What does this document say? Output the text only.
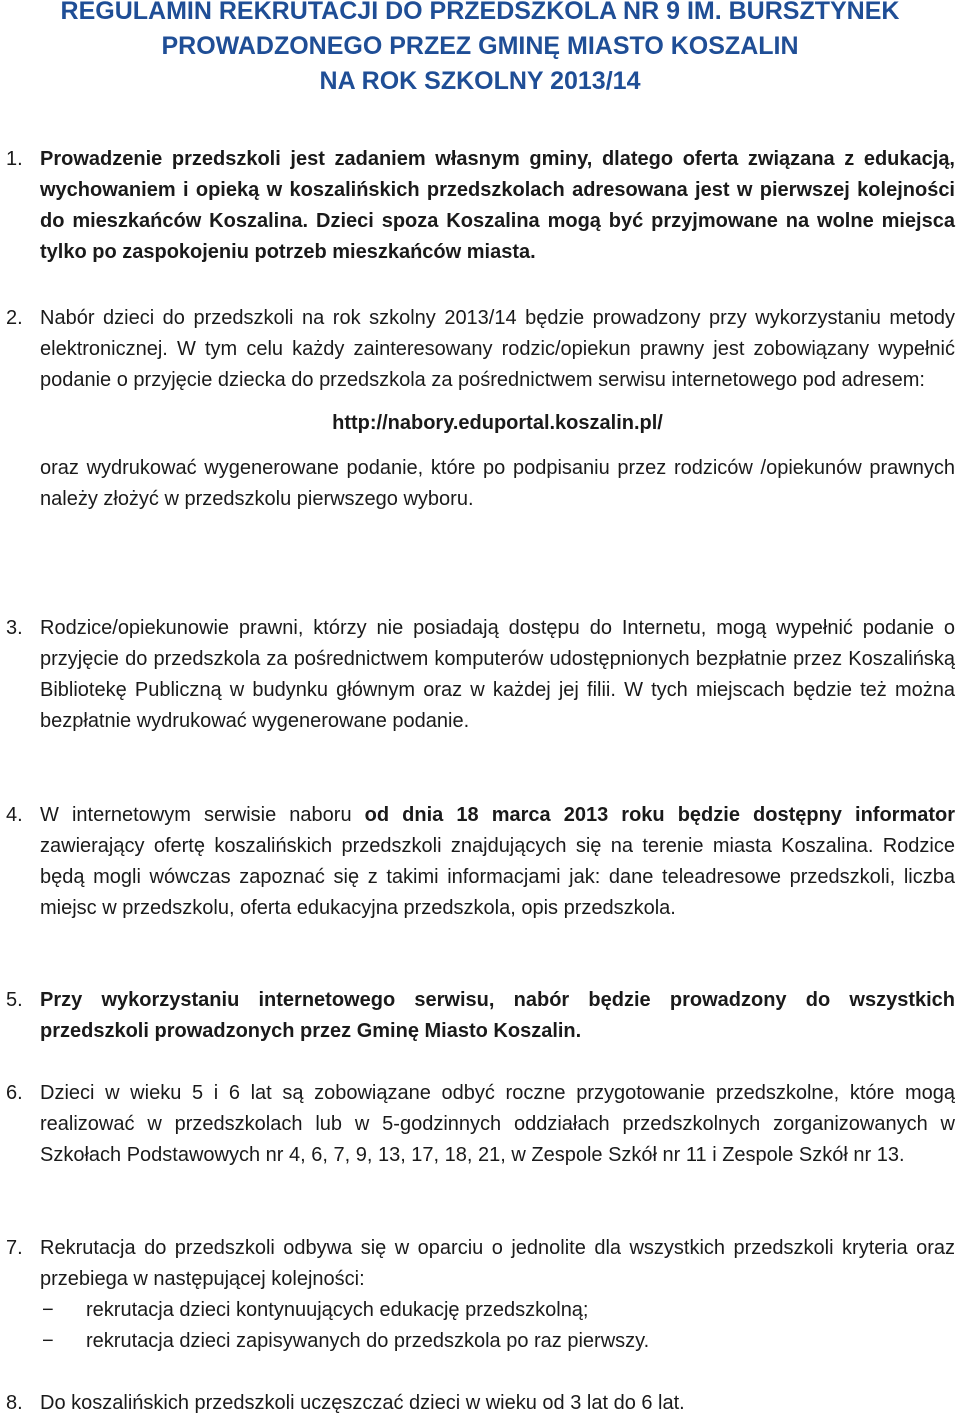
REGULAMIN REKRUTACJI DO PRZEDSZKOLA NR 9 IM. BURSZTYNEK
PROWADZONEGO PRZEZ GMINĘ MIASTO KOSZALIN
NA ROK SZKOLNY 2013/14
1. Prowadzenie przedszkoli jest zadaniem własnym gminy, dlatego oferta związana z edukacją, wychowaniem i opieką w koszalińskich przedszkolach adresowana jest w pierwszej kolejności do mieszkańców Koszalina. Dzieci spoza Koszalina mogą być przyjmowane na wolne miejsca tylko po zaspokojeniu potrzeb mieszkańców miasta.
2. Nabór dzieci do przedszkoli na rok szkolny 2013/14 będzie prowadzony przy wykorzystaniu metody elektronicznej. W tym celu każdy zainteresowany rodzic/opiekun prawny jest zobowiązany wypełnić podanie o przyjęcie dziecka do przedszkola za pośrednictwem serwisu internetowego pod adresem:
http://nabory.eduportal.koszalin.pl/
oraz wydrukować wygenerowane podanie, które po podpisaniu przez rodziców /opiekunów prawnych należy złożyć w przedszkolu pierwszego wyboru.
3. Rodzice/opiekunowie prawni, którzy nie posiadają dostępu do Internetu, mogą wypełnić podanie o przyjęcie do przedszkola za pośrednictwem komputerów udostępnionych bezpłatnie przez Koszalińską Bibliotekę Publiczną w budynku głównym oraz w każdej jej filii. W tych miejscach będzie też można bezpłatnie wydrukować wygenerowane podanie.
4. W internetowym serwisie naboru od dnia 18 marca 2013 roku będzie dostępny informator zawierający ofertę koszalińskich przedszkoli znajdujących się na terenie miasta Koszalina. Rodzice będą mogli wówczas zapoznać się z takimi informacjami jak: dane teleadresowe przedszkoli, liczba miejsc w przedszkolu, oferta edukacyjna przedszkola, opis przedszkola.
5. Przy wykorzystaniu internetowego serwisu, nabór będzie prowadzony do wszystkich przedszkoli prowadzonych przez Gminę Miasto Koszalin.
6. Dzieci w wieku 5 i 6 lat są zobowiązane odbyć roczne przygotowanie przedszkolne, które mogą realizować w przedszkolach lub w 5-godzinnych oddziałach przedszkolnych zorganizowanych w Szkołach Podstawowych nr 4, 6, 7, 9, 13, 17, 18, 21, w Zespole Szkół nr 11 i Zespole Szkół nr 13.
7. Rekrutacja do przedszkoli odbywa się w oparciu o jednolite dla wszystkich przedszkoli kryteria oraz przebiega w następującej kolejności:
− rekrutacja dzieci kontynuujących edukację przedszkolną;
− rekrutacja dzieci zapisywanych do przedszkola po raz pierwszy.
8. Do koszalińskich przedszkoli uczęszczać dzieci w wieku od 3 lat do 6 lat.
